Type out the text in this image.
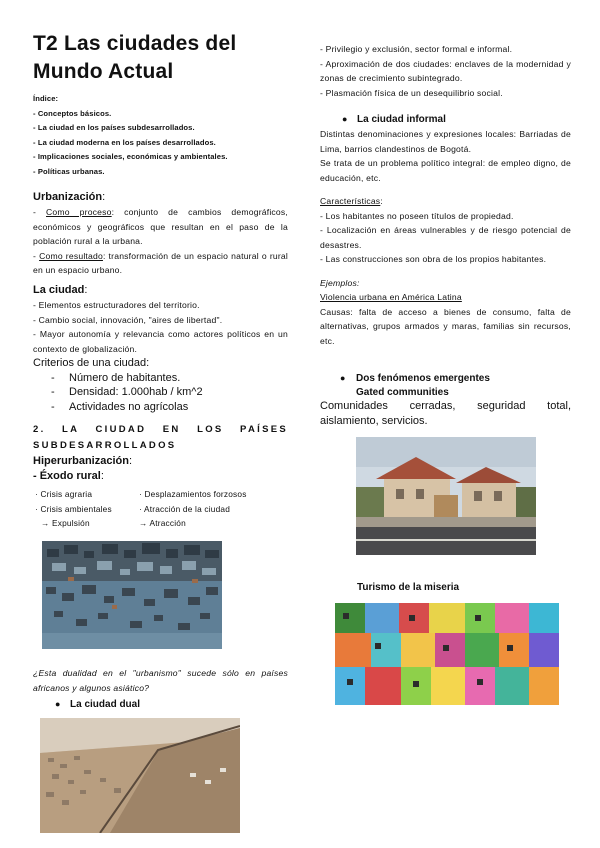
T2 Las ciudades del Mundo Actual

Índice:

- Conceptos básicos.

- La ciudad en los países subdesarrollados.

- La ciudad moderna en los países desarrollados.

- Implicaciones sociales, económicas y ambientales.

- Políticas urbanas.

Urbanización:

- Como proceso: conjunto de cambios demográficos, económicos y geográficos que resultan en el paso de la población rural a la urbana.

- Como resultado: transformación de un espacio natural o rural en un espacio urbano.

La ciudad:

- Elementos estructuradores del territorio.

- Cambio social, innovación, "aires de libertad".

- Mayor autonomía y relevancia como actores políticos en un contexto de globalización.

Criterios de una ciudad:

- Número de habitantes.

- Densidad: 1.000hab / km^2

- Actividades no agrícolas

2. LA CIUDAD EN LOS PAÍSES SUBDESARROLLADOS

Hiperurbanización:

- Éxodo rural:

· Crisis agraria

· Crisis ambientales

→ Expulsión

· Desplazamientos forzosos

· Atracción de la ciudad

→ Atracción

¿Esta dualidad en el "urbanismo" sucede sólo en países africanos y algunos asiático?
● La ciudad dual

- Privilegio y exclusión, sector formal e informal.

- Aproximación de dos ciudades: enclaves de la modernidad y zonas de crecimiento subintegrado.

- Plasmación física de un desequilibrio social.

● La ciudad informal

Distintas denominaciones y expresiones locales: Barriadas de Lima, barrios clandestinos de Bogotá.

Se trata de un problema político integral: de empleo digno, de educación, etc.

Características:

- Los habitantes no poseen títulos de propiedad.

- Localización en áreas vulnerables y de riesgo potencial de desastres.

- Las construcciones son obra de los propios habitantes.

Ejemplos:

Violencia urbana en América Latina

Causas: falta de acceso a bienes de consumo, falta de alternativas, grupos armados y maras, familias sin recursos, etc.

● Dos fenómenos emergentes
Gated communities
Comunidades cerradas, seguridad total, aislamiento, servicios.
Turismo de la miseria
